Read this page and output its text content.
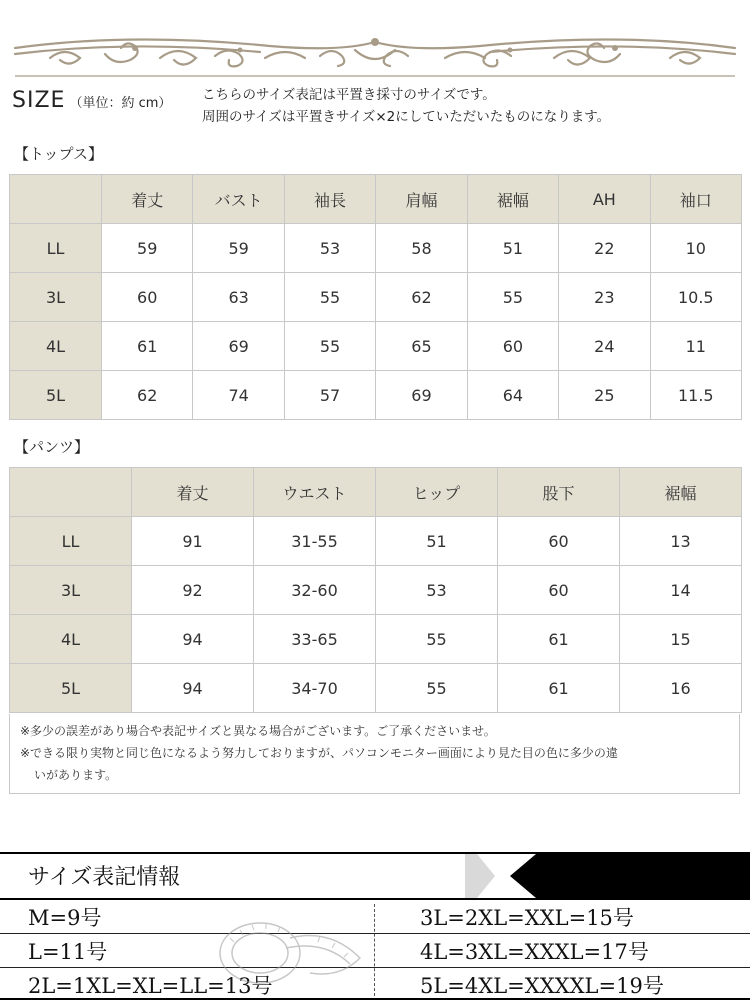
SIZE （単位：約 cm）
こちらのサイズ表記は平置き採寸のサイズです。
周囲のサイズは平置きサイズ×2にしていただいたものになります。
【トップス】
	着丈	バスト	袖長	肩幅	裾幅	AH	袖口
LL	59	59	53	58	51	22	10
3L	60	63	55	62	55	23	10.5
4L	61	69	55	65	60	24	11
5L	62	74	57	69	64	25	11.5
【パンツ】
	着丈	ウエスト	ヒップ	股下	裾幅
LL	91	31-55	51	60	13
3L	92	32-60	53	60	14
4L	94	33-65	55	61	15
5L	94	34-70	55	61	16

※多少の誤差があり場合や表記サイズと異なる場合がございます。ご了承くださいませ。

※できる限り実物と同じ色になるよう努力しておりますが、パソコンモニター画面により見た目の色に多少の違

いがあります。

サイズ表記情報
M=9号
L=11号
2L=1XL=XL=LL=13号
3L=2XL=XXL=15号
4L=3XL=XXXL=17号
5L=4XL=XXXXL=19号
